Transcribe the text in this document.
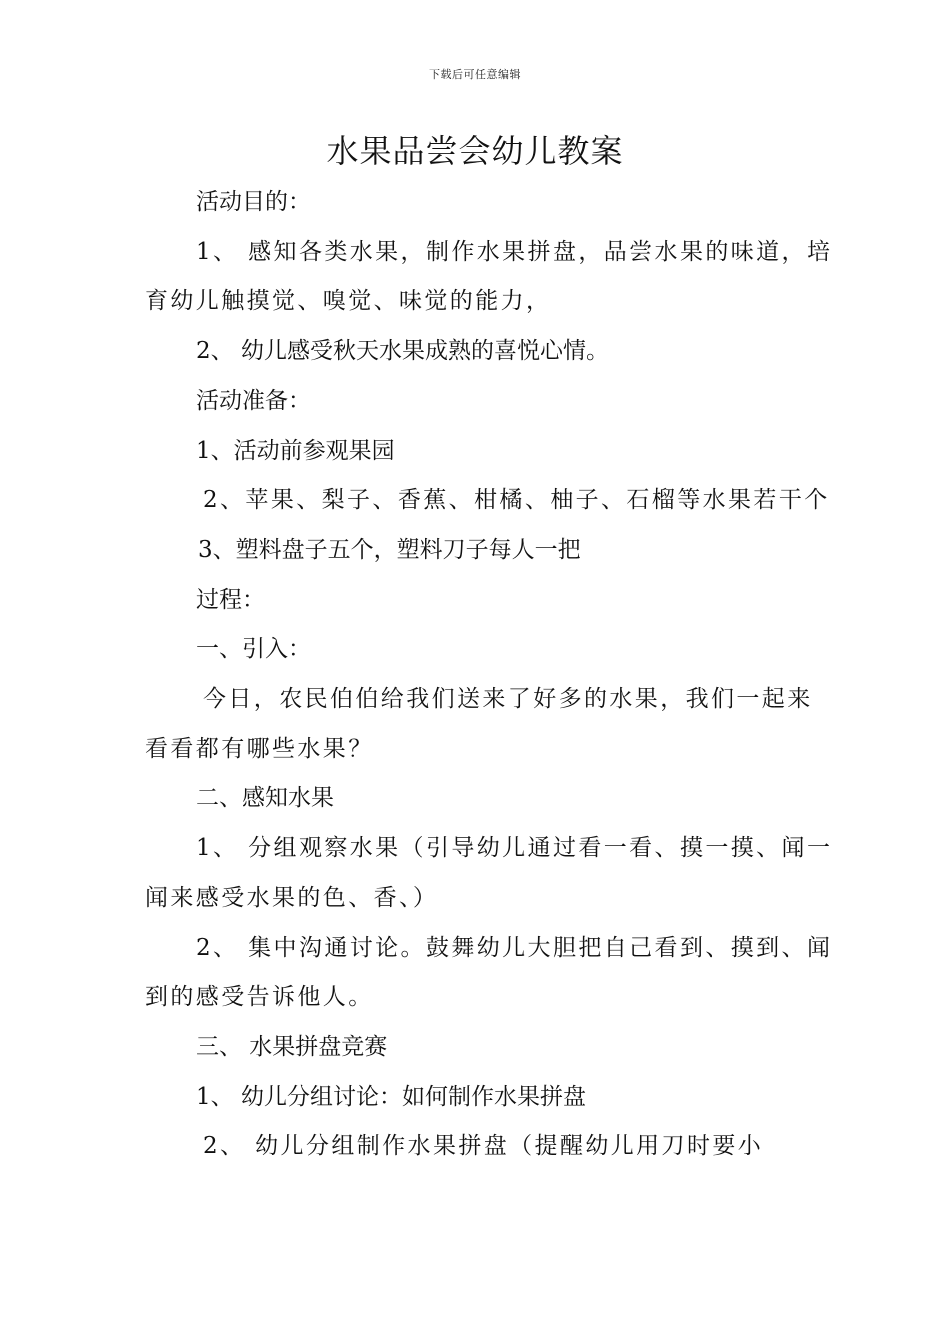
下载后可任意编辑
水果品尝会幼儿教案

活动目的：

1、 感知各类水果，制作水果拼盘，品尝水果的味道，培育幼儿触摸觉、嗅觉、味觉的能力，

2、 幼儿感受秋天水果成熟的喜悦心情。

活动准备：

1、活动前参观果园

2、苹果、梨子、香蕉、柑橘、柚子、石榴等水果若干个

3、塑料盘子五个，塑料刀子每人一把

过程：

一、引入：

今日，农民伯伯给我们送来了好多的水果，我们一起来看看都有哪些水果？

二、感知水果

1、 分组观察水果（引导幼儿通过看一看、摸一摸、闻一闻来感受水果的色、香、）

2、 集中沟通讨论。鼓舞幼儿大胆把自己看到、摸到、闻到的感受告诉他人。

三、 水果拼盘竞赛

1、 幼儿分组讨论：如何制作水果拼盘

2、 幼儿分组制作水果拼盘（提醒幼儿用刀时要小
